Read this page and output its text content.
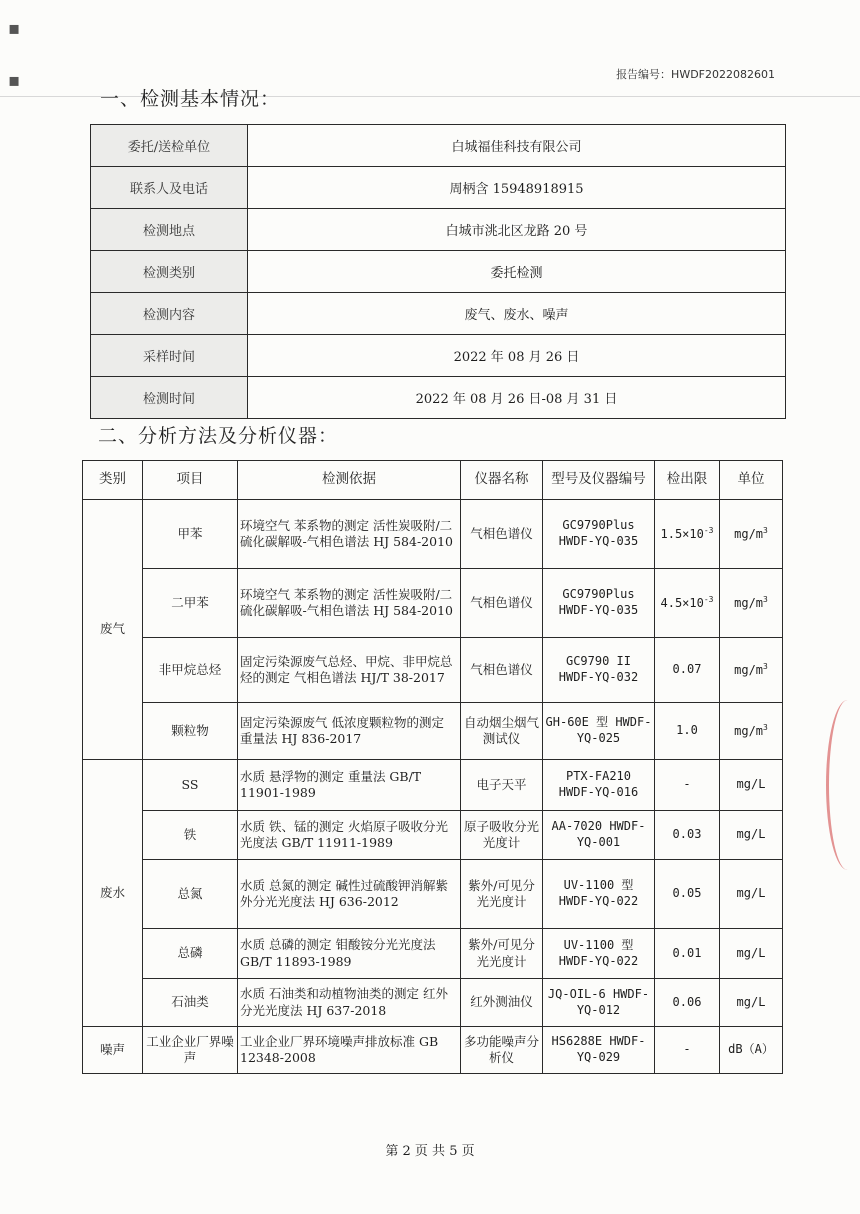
▪
▪	报告编号：HWDF2022082601
一、检测基本情况：
委托/送检单位	白城福佳科技有限公司
联系人及电话	周柄含 15948918915
检测地点	白城市洮北区龙路 20 号
检测类别	委托检测
检测内容	废气、废水、噪声
采样时间	2022 年 08 月 26 日
检测时间	2022 年 08 月 26 日-08 月 31 日
二、分析方法及分析仪器：
类别	项目	检测依据	仪器名称	型号及仪器编号	检出限	单位
废气	甲苯	环境空气 苯系物的测定 活性炭吸附/二硫化碳解吸-气相色谱法 HJ 584-2010	气相色谱仪	GC9790Plus HWDF-YQ-035	$1.5\times 10^{-3}$	$mg/m^3$
	二甲苯	环境空气 苯系物的测定 活性炭吸附/二硫化碳解吸-气相色谱法 HJ 584-2010	气相色谱仪	GC9790Plus HWDF-YQ-035	$4.5\times 10^{-3}$	$mg/m^3$
	非甲烷总烃	固定污染源废气总烃、甲烷、非甲烷总烃的测定 气相色谱法 HJ/T 38-2017	气相色谱仪	GC9790 II HWDF-YQ-032	0.07	$mg/m^3$
	颗粒物	固定污染源废气 低浓度颗粒物的测定 重量法 HJ 836-2017	自动烟尘烟气测试仪	GH-60E 型 HWDF-YQ-025	1.0	$mg/m^3$
废水	SS	水质 悬浮物的测定 重量法 GB/T 11901-1989	电子天平	PTX-FA210 HWDF-YQ-016	-	mg/L
	铁	水质 铁、锰的测定 火焰原子吸收分光光度法 GB/T 11911-1989	原子吸收分光光度计	AA-7020 HWDF-YQ-001	0.03	mg/L
	总氮	水质 总氮的测定 碱性过硫酸钾消解紫外分光光度法 HJ 636-2012	紫外/可见分光光度计	UV-1100 型 HWDF-YQ-022	0.05	mg/L
	总磷	水质 总磷的测定 钼酸铵分光光度法 GB/T 11893-1989	紫外/可见分光光度计	UV-1100 型 HWDF-YQ-022	0.01	mg/L
	石油类	水质 石油类和动植物油类的测定 红外分光光度法 HJ 637-2018	红外测油仪	JQ-OIL-6 HWDF-YQ-012	0.06	mg/L
噪声	工业企业厂界噪声	工业企业厂界环境噪声排放标准 GB 12348-2008	多功能噪声分析仪	HS6288E HWDF-YQ-029	-	dB（A）
第 2 页 共 5 页
